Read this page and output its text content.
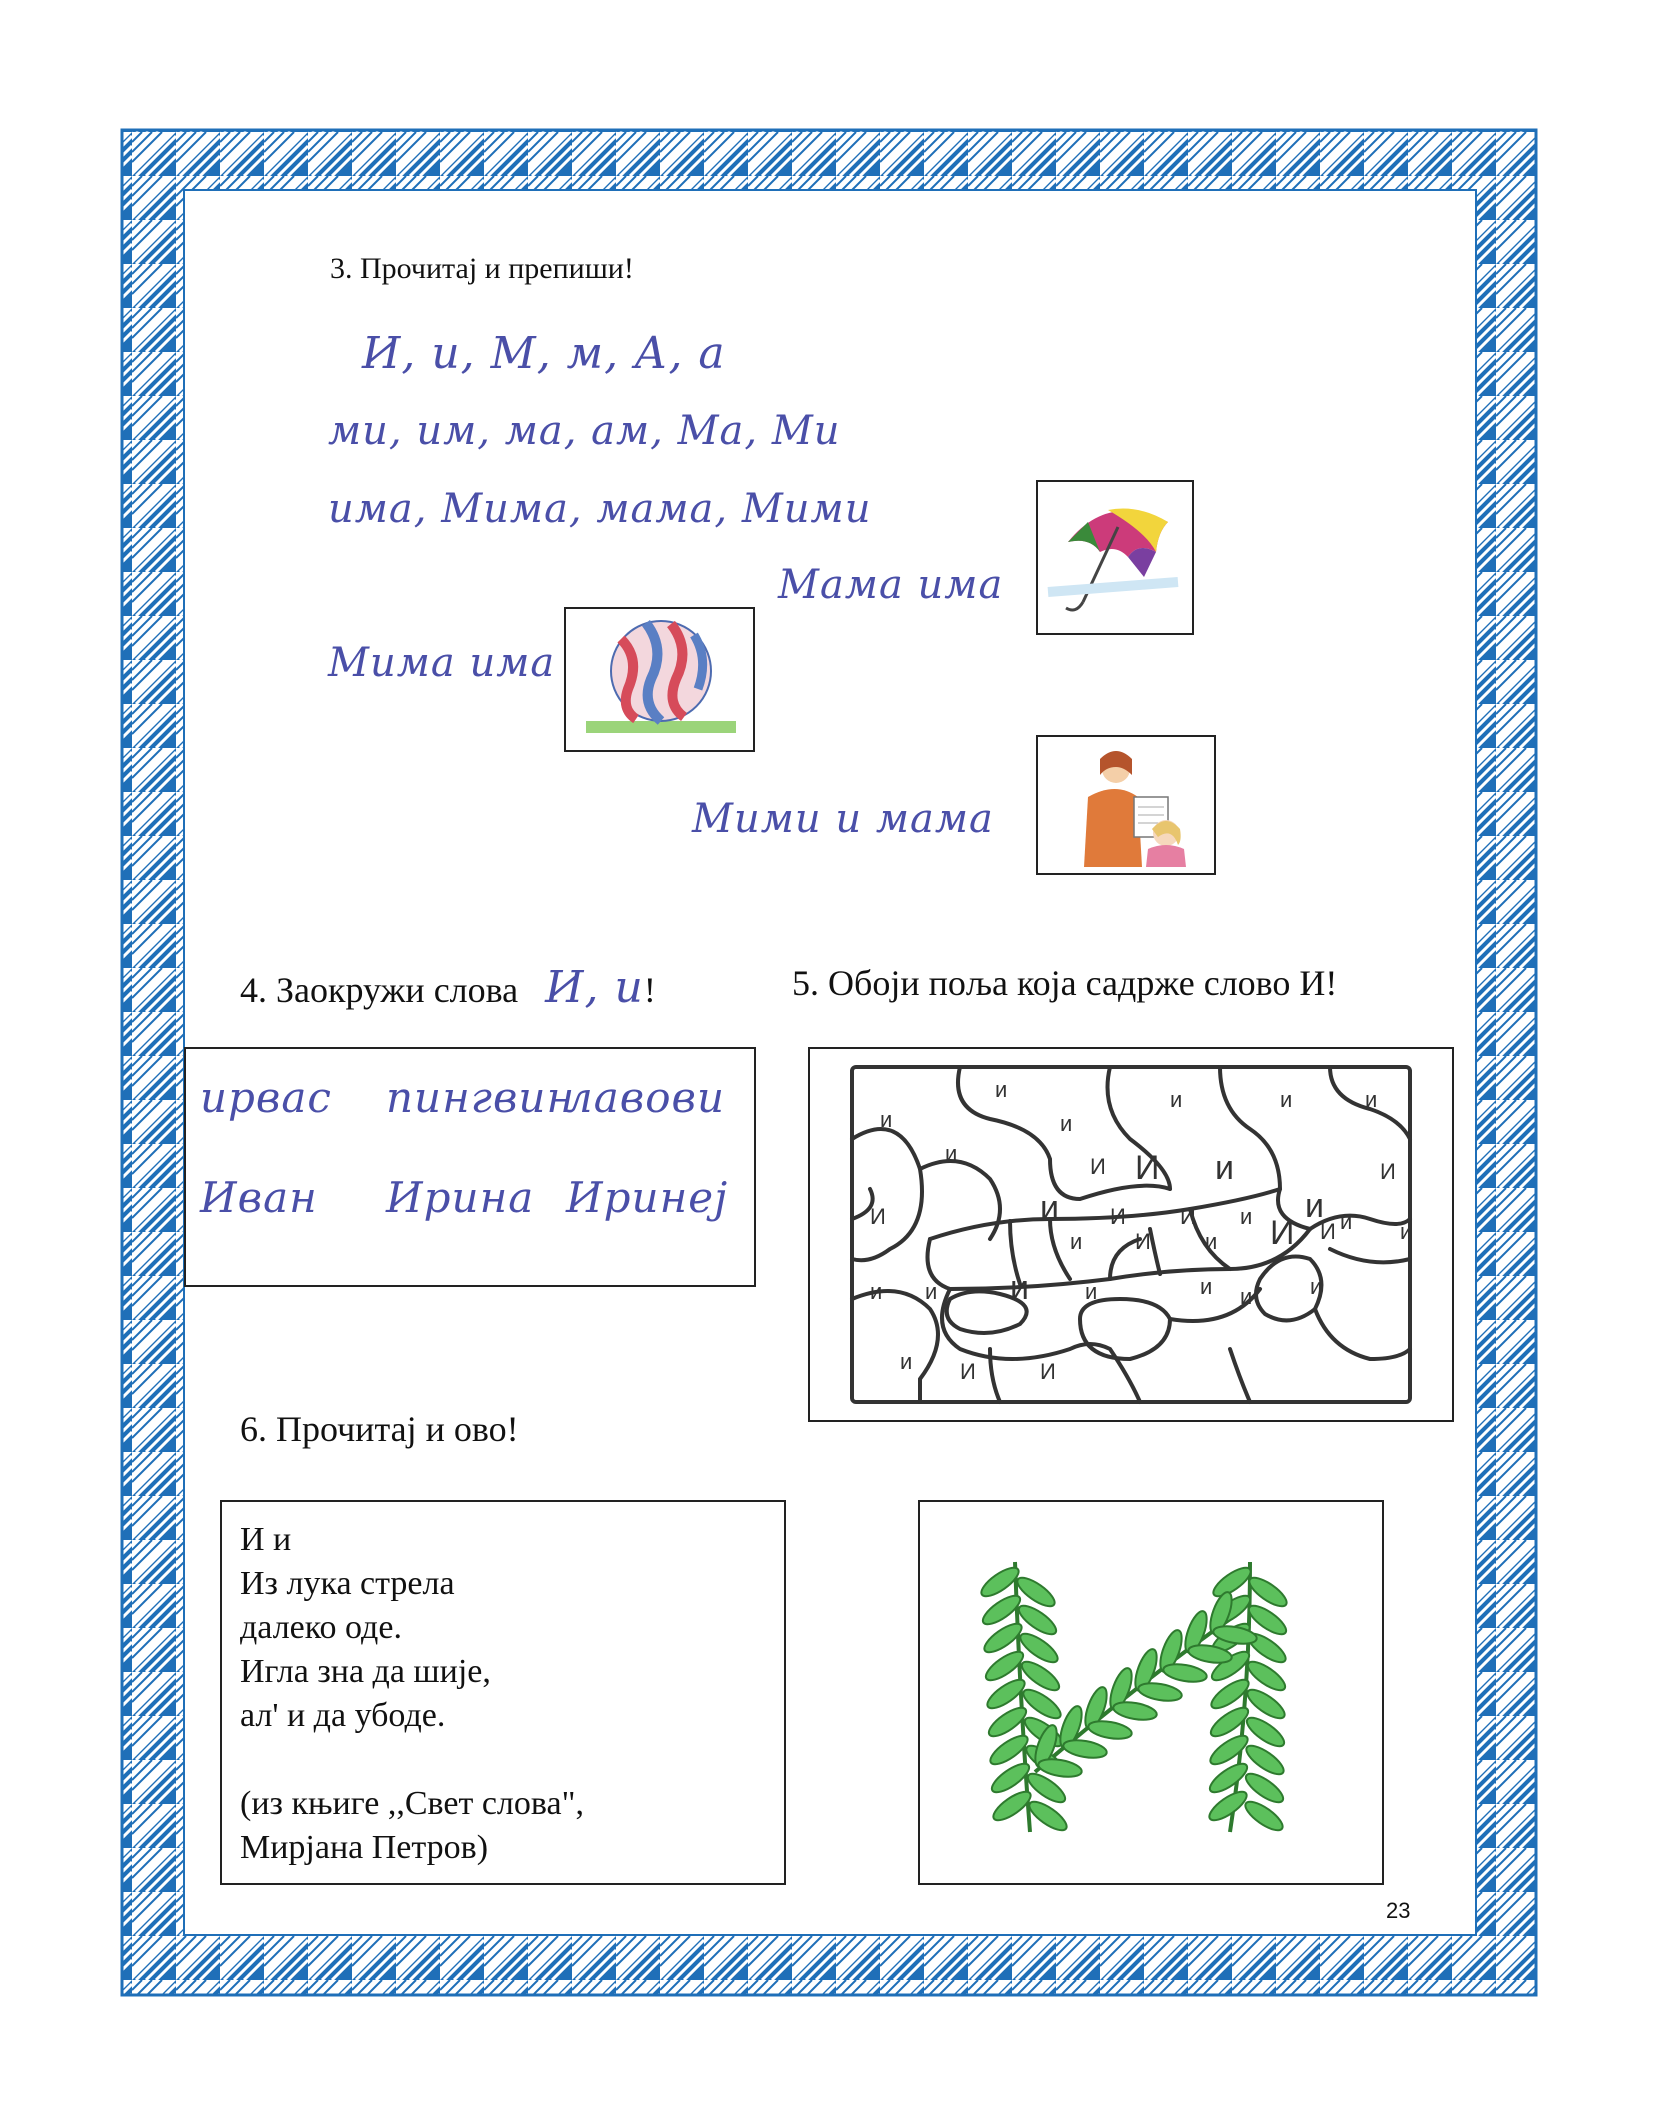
3. Прочитај и препиши!
И, и, М, м, А, а
ми, им, ма, ам, Ма, Ми
има, Мима, мама, Мими
Мама има
Мима има
Мими и мама
4. Заокружи слова И, и!
ирвас пингвин
лавови
Иван Ирина Иринеј
5. Обоји поља која садрже слово И!
и	и	и	и
и	и
и
И И и	И
И	и И И и и и
и И и И И	и
и и и	и	и и	и
и И	И
6. Прочитај и ово!
И и
Из лука стрела
далеко оде.
Игла зна да шије,
ал' и да убоде.
(из књиге ,,Свет слова",
Мирјана Петров)
23
